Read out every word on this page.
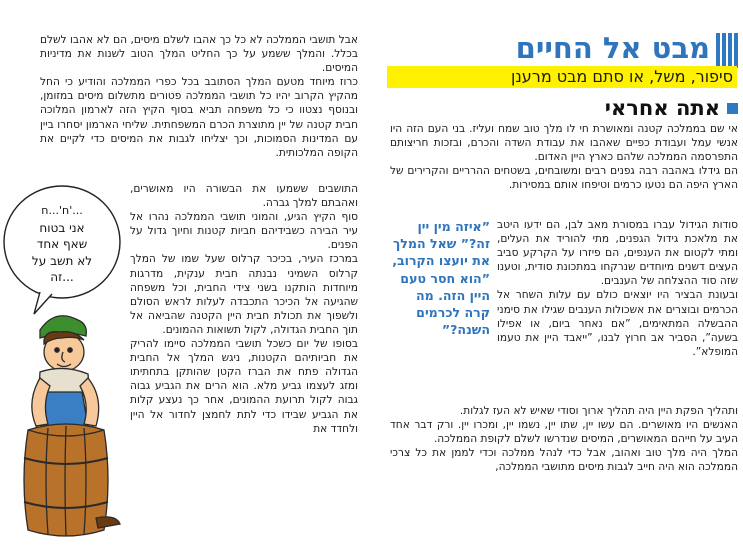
מבט אל החיים
סיפור, משל, או סתם מבט מרענן
אתה אחראי

אי שם בממלכה קטנה ומאושרת חי לו מלך טוב שמח ועליז. בני העם הזה היו אנשי עמל ועבודת כפיים שאהבו את עבודת השדה והכרם, ובזכות חריצותם התפרסמה הממלכה שלהם כארץ היין האדום.

הם גידלו באהבה רבה גפנים רבים ומשובחים, בשטחים ההרריים והקרירים של הארץ היפה הם נטעו כרמים וטיפחו אותם במסירות.

סודות הגידול עברו במסורת מאב לבן, הם ידעו היטב את מלאכת גידול הגפנים, מתי להוריד את העלים, ומתי לקטום את הענפים, הם פיזרו על הקרקע סביב העצים דשנים מיוחדים שנרקחו במתכונת סודית, וטענו שזה סוד ההצלחה של הענבים.

ובעונת הבציר היו יוצאים כולם עם עלות השחר אל הכרמים ובוצרים את אשכולות הענבים שגילו את סימני ההבשלה המתאימים, ”אם נאחר ביום, או אפילו בשעה”, הסביר אב חרוץ לבנו, ”ייאבד היין את טעמו המופלא”.

”איזה מין יין זה?” שאל המלך את יועצו הקרוב, ”הוא חסר טעם היין הזה. מה קרה לכרמים השנה?”

ותהליך הפקת היין היה תהליך ארוך וסודי שאיש לא העז לגלות.

האנשים היו מאושרים. הם עשו יין, שתו יין, נשמו יין, ומכרו יין. ורק דבר אחד העיב על חייהם המאושרים, המיסים שנדרשו לשלם לקופת הממלכה.

המלך היה מלך טוב ואהוב, אבל כדי לנהל ממלכה וכדי לממן את כל צרכי הממלכה הוא היה חייב לגבות מיסים מתושבי הממלכה,

אבל תושבי הממלכה לא כל כך אהבו לשלם מיסים, הם לא אהבו לשלם בכלל. והמלך ששמע על כך החליט המלך הטוב לשנות את מדיניות המיסים.

כרוז מיוחד מטעם המלך הסתובב בכל כפרי הממלכה והודיע כי החל מהקיץ הקרוב יהיו כל תושבי הממלכה פטורים מתשלום מיסים במזומן, ובנוסף נצטוו כי כל משפחה תביא בסוף הקיץ הזה לארמון המלוכה חבית קטנה של יין מתוצרת הכרם המשפחתית. שליחי הארמון יסחרו ביין עם המדינות הסמוכות, וכך יצליחו לגבות את המיסים כדי לקיים את הקופה המלכותית.

התושבים ששמעו את הבשורה היו מאושרים, ואהבתם למלך גברה.

סוף הקיץ הגיע, והמוני תושבי הממלכה נהרו אל עיר הבירה כשבידיהם חביות קטנות וחיוך גדול על הפנים.

במרכז העיר, בכיכר קרלוס שעל שמו של המלך קרלוס השמיני נבנתה חבית ענקית, מדרגות מיוחדות הותקנו בשני צידי החבית, וכל משפחה שהגיעה אל הכיכר התכבדה לעלות לראש הסולם ולשפוך את תכולת חבית היין הקטנה שהביאה אל תוך החבית הגדולה, לקול תשואות ההמונים.

בסופו של יום כשכל תושבי הממלכה סיימו להריק את חביותיהם הקטנות, ניגש המלך אל החבית הגדולה פתח את הברז הקטן שהותקן בתחתיתו ומזג לעצמו גביע מלא. הוא הרים את הגביע גבוה גבוה לקול תרועת ההמונים, אחר כך נעצע קלות את הגביע שבידו כדי לתת לחמצן לחדור אל היין ולחדד את

ח'...ח'...
אני בטוח
שאף אחד
לא תשב על
זה...
